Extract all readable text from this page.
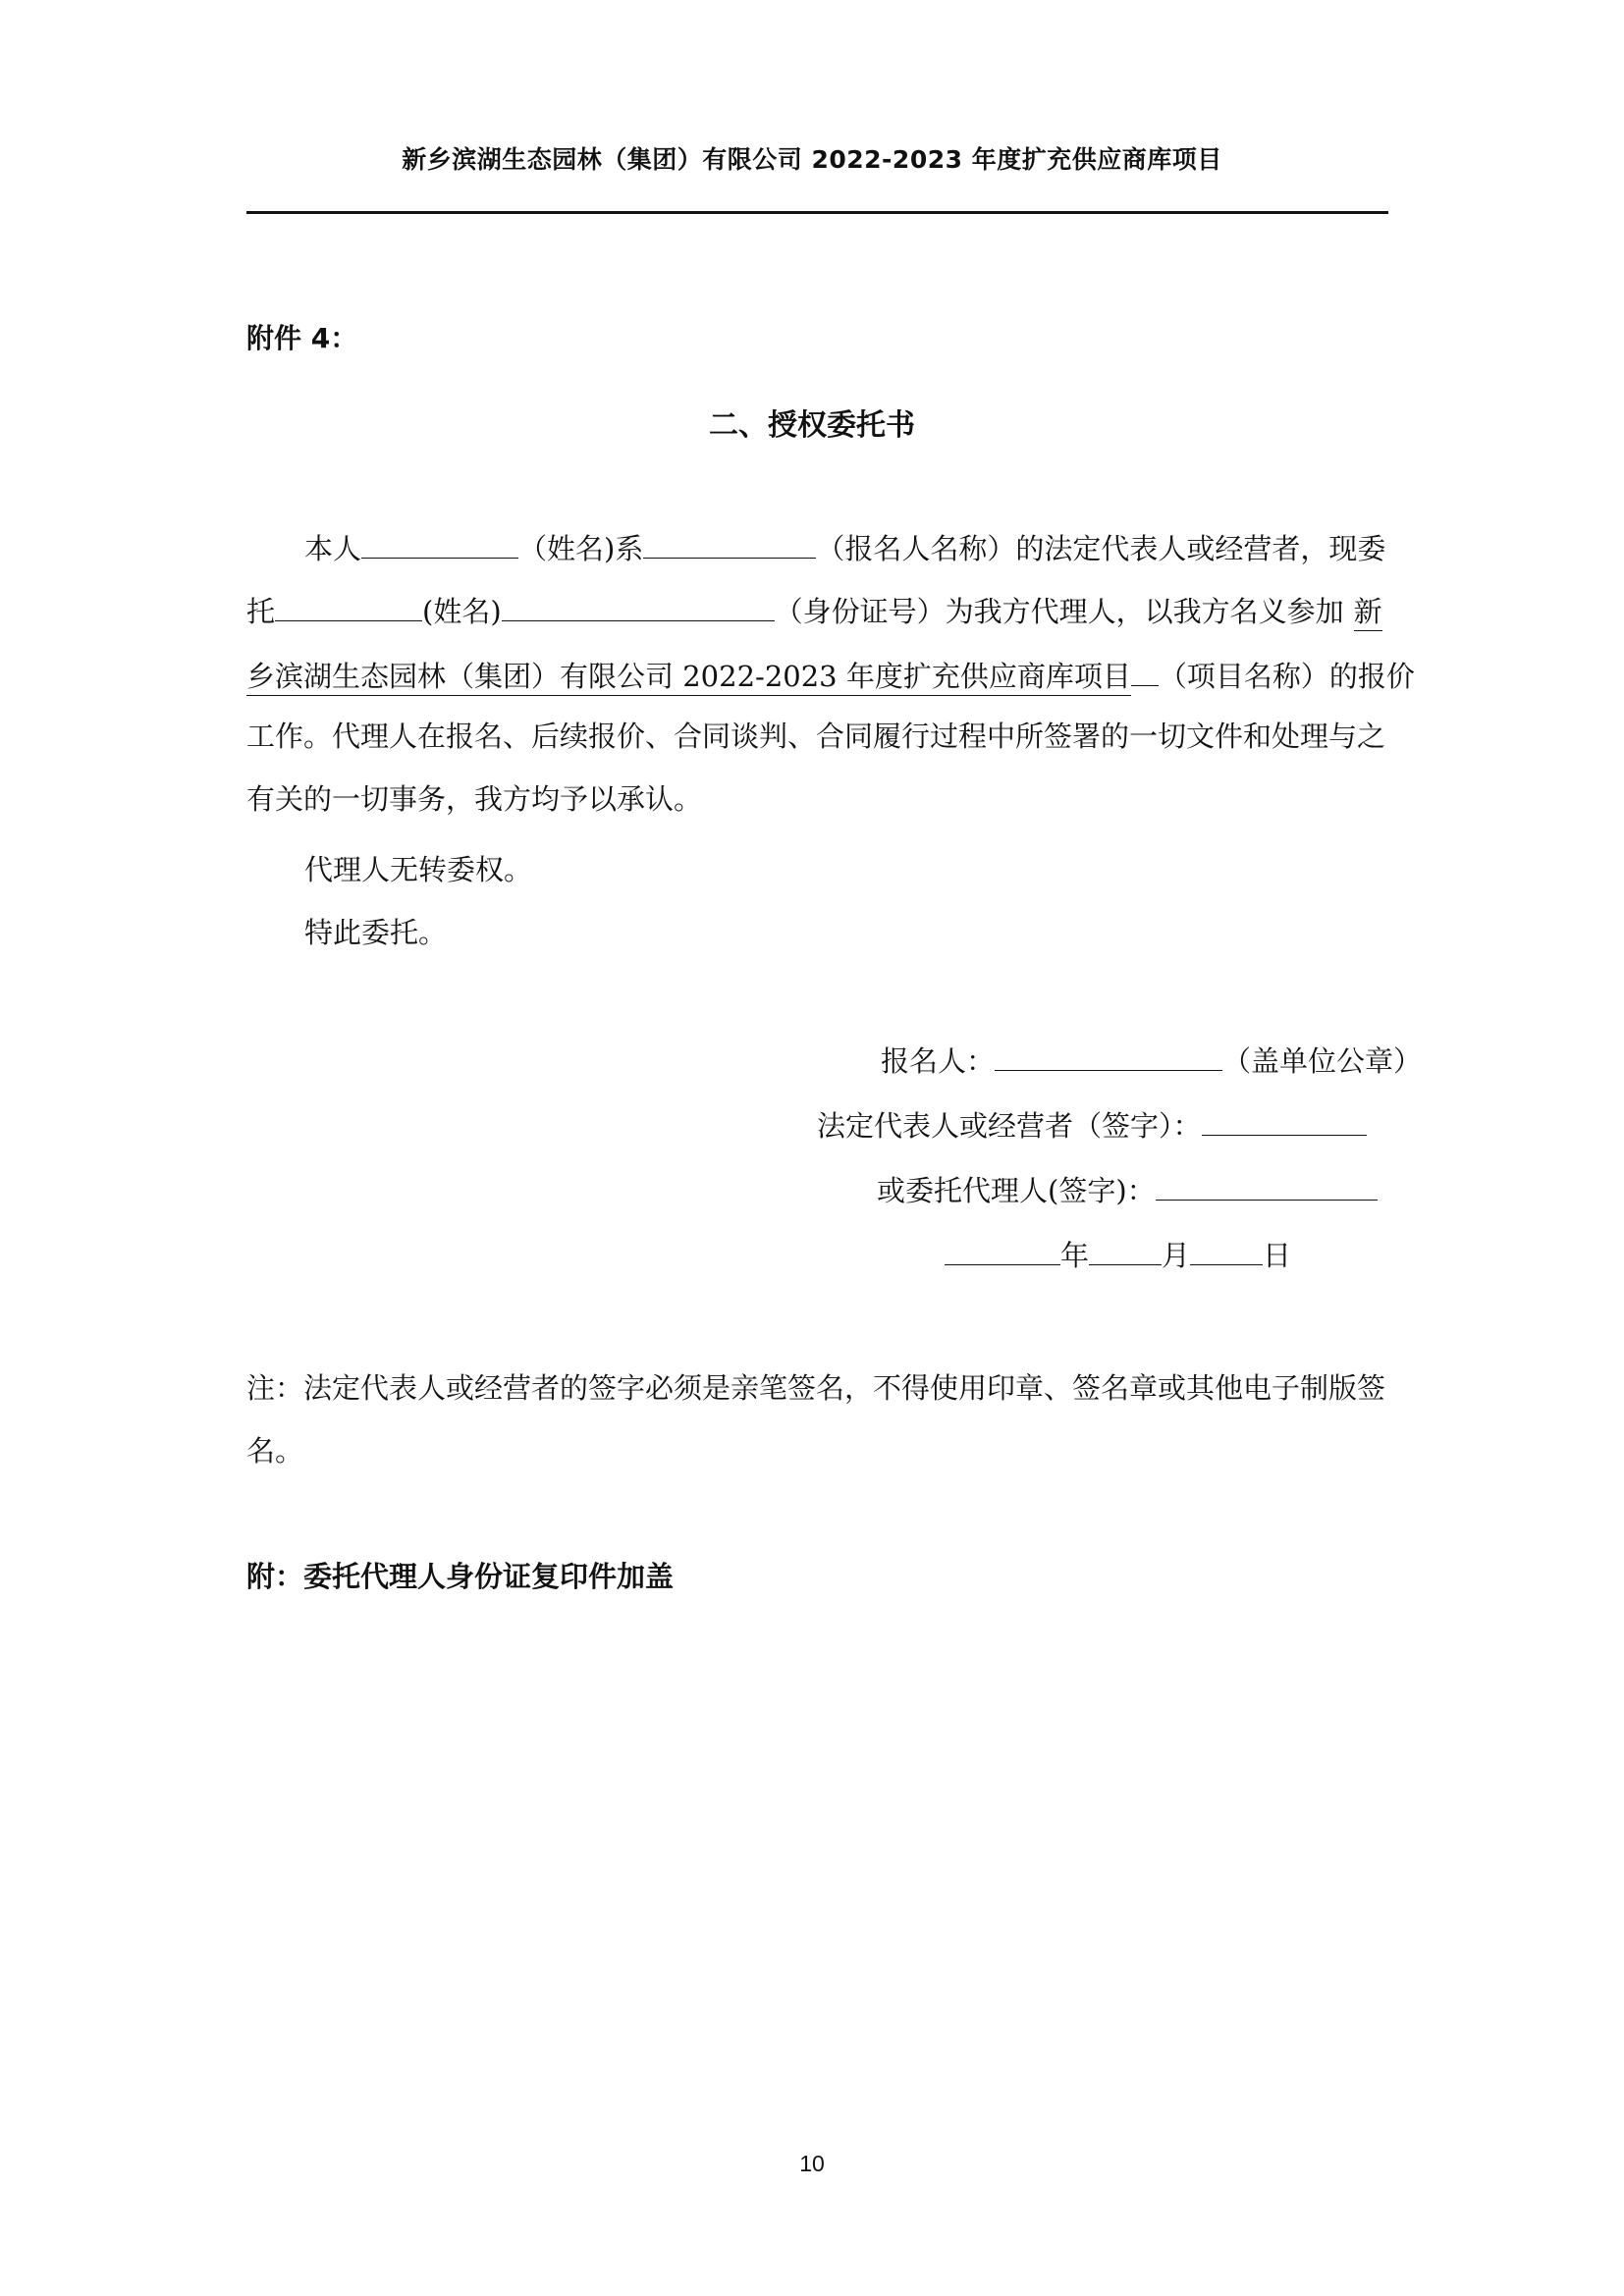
新乡滨湖生态园林（集团）有限公司 2022-2023 年度扩充供应商库项目
附件 4：
二、授权委托书
本人	（姓名)系	（报名人名称）的法定代表人或经营者，现委
托	(姓名)	（身份证号）为我方代理人，以我方名义参加 新
乡滨湖生态园林（集团）有限公司 2022-2023 年度扩充供应商库项目 （项目名称）的报价
工作。代理人在报名、后续报价、合同谈判、合同履行过程中所签署的一切文件和处理与之
有关的一切事务，我方均予以承认。
代理人无转委权。
特此委托。
报名人：	（盖单位公章）
法定代表人或经营者（签字）：
或委托代理人(签字)：
年	月	日
注：法定代表人或经营者的签字必须是亲笔签名，不得使用印章、签名章或其他电子制版签
名。
附：委托代理人身份证复印件加盖
10
